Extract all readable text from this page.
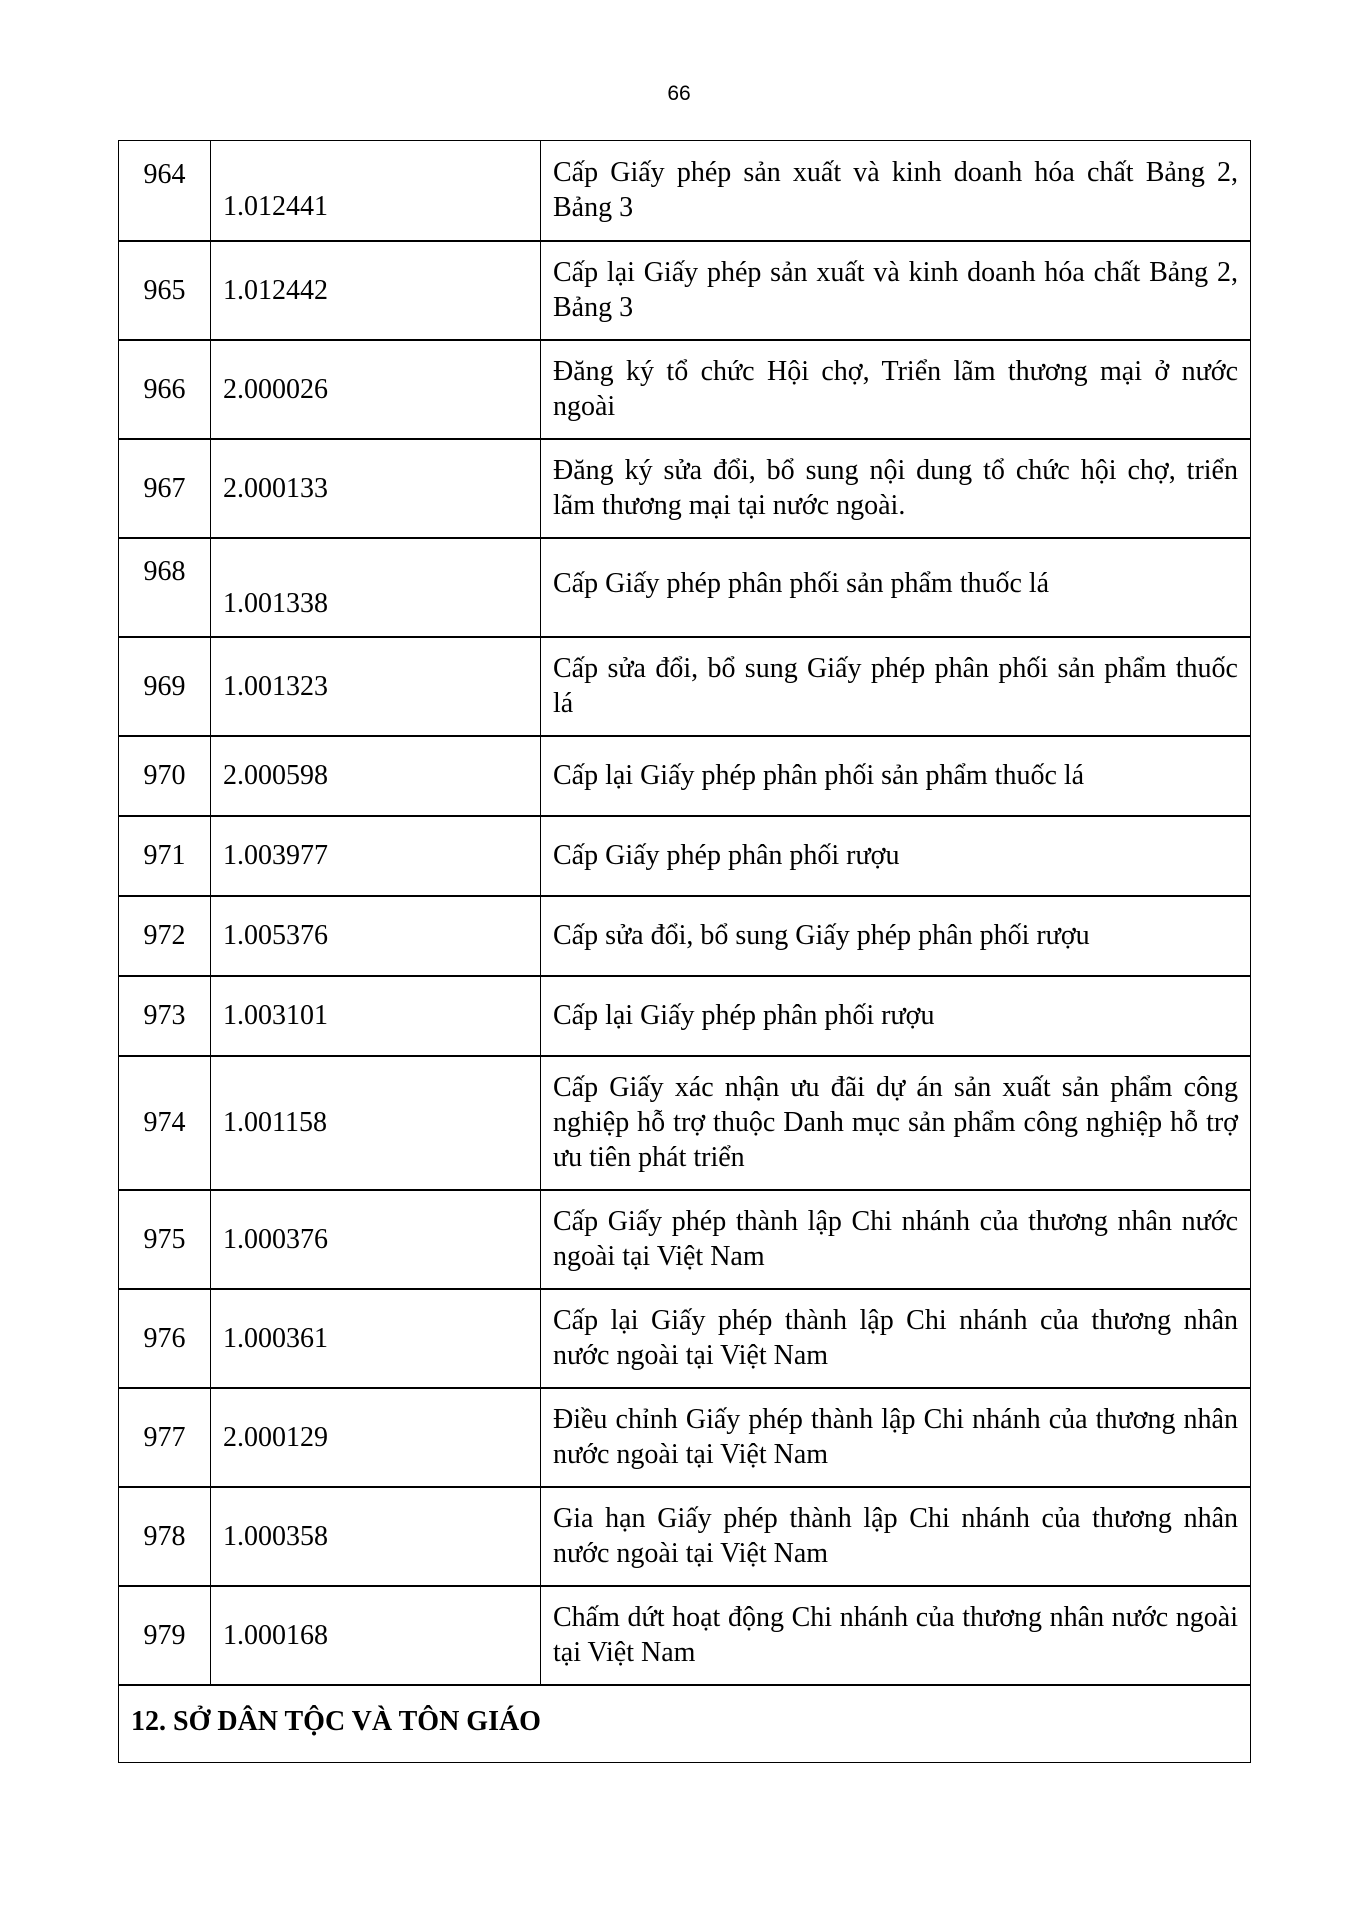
66
964	1.012441	Cấp Giấy phép sản xuất và kinh doanh hóa chất Bảng 2, Bảng 3
965	1.012442	Cấp lại Giấy phép sản xuất và kinh doanh hóa chất Bảng 2, Bảng 3
966	2.000026	Đăng ký tổ chức Hội chợ, Triển lãm thương mại ở nước ngoài
967	2.000133	Đăng ký sửa đổi, bổ sung nội dung tổ chức hội chợ, triển lãm thương mại tại nước ngoài.
968	1.001338	Cấp Giấy phép phân phối sản phẩm thuốc lá
969	1.001323	Cấp sửa đổi, bổ sung Giấy phép phân phối sản phẩm thuốc lá
970	2.000598	Cấp lại Giấy phép phân phối sản phẩm thuốc lá
971	1.003977	Cấp Giấy phép phân phối rượu
972	1.005376	Cấp sửa đổi, bổ sung Giấy phép phân phối rượu
973	1.003101	Cấp lại Giấy phép phân phối rượu
974	1.001158	Cấp Giấy xác nhận ưu đãi dự án sản xuất sản phẩm công nghiệp hỗ trợ thuộc Danh mục sản phẩm công nghiệp hỗ trợ ưu tiên phát triển
975	1.000376	Cấp Giấy phép thành lập Chi nhánh của thương nhân nước ngoài tại Việt Nam
976	1.000361	Cấp lại Giấy phép thành lập Chi nhánh của thương nhân nước ngoài tại Việt Nam
977	2.000129	Điều chỉnh Giấy phép thành lập Chi nhánh của thương nhân nước ngoài tại Việt Nam
978	1.000358	Gia hạn Giấy phép thành lập Chi nhánh của thương nhân nước ngoài tại Việt Nam
979	1.000168	Chấm dứt hoạt động Chi nhánh của thương nhân nước ngoài tại Việt Nam
12. SỞ DÂN TỘC VÀ TÔN GIÁO		
